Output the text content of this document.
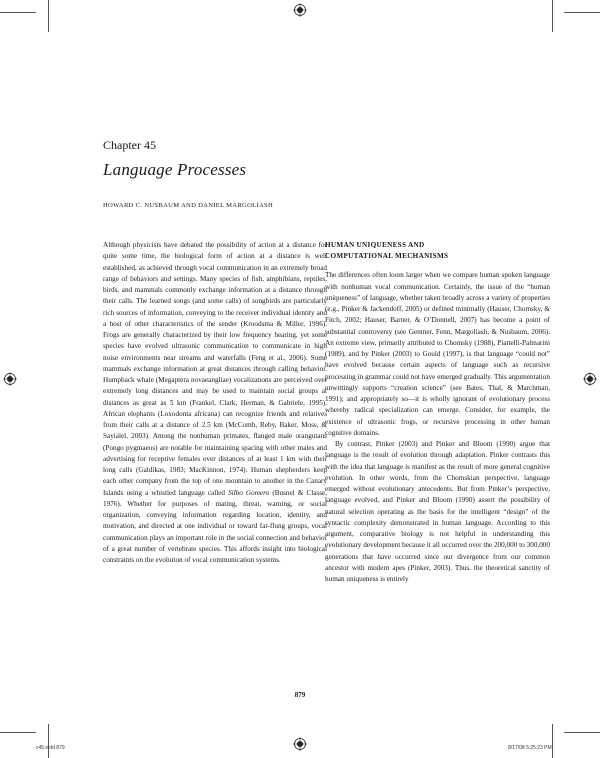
Chapter 45
Language Processes
HOWARD C. NUSBAUM AND DANIEL MARGOLIASH

Although physicists have debated the possibility of action at a distance for quite some time, the biological form of action at a distance is well established, as achieved through vocal communication in an extremely broad range of behaviors and settings. Many species of fish, amphibians, reptiles, birds, and mammals commonly exchange information at a distance through their calls. The learned songs (and some calls) of songbirds are particularly rich sources of information, conveying to the receiver individual identity and a host of other characteristics of the sender (Kroodsma & Miller, 1996). Frogs are generally characterized by their low frequency hearing, yet some species have evolved ultrasonic communication to communicate in high noise environments near streams and waterfalls (Feng et al., 2006). Some mammals exchange information at great distances through calling behavior. Humpback whale (Megaptera novaeangliae) vocalizations are perceived over extremely long distances and may be used to maintain social groups at distances as great as 5 km (Frankel, Clark, Herman, & Gabriele, 1995). African elephants (Loxodonta africana) can recognize friends and relatives from their calls at a distance of 2.5 km (McComb, Reby, Baker, Moss, & Sayialel, 2003). Among the nonhuman primates, flanged male orangutans (Pongo pygmaeus) are notable for maintaining spacing with other males and advertising for receptive females over distances of at least 1 km with their long calls (Galdikas, 1983; MacKinnon, 1974). Human shepherders keep each other company from the top of one mountain to another in the Canary Islands using a whistled language called Silbo Gomero (Busnel & Classe, 1976). Whether for purposes of mating, threat, warning, or social organization, conveying information regarding location, identity, and motivation, and directed at one individual or toward far-flung groups, vocal communication plays an important role in the social connection and behavior of a great number of vertebrate species. This affords insight into biological constraints on the evolution of vocal communication systems.

HUMAN UNIQUENESS AND
COMPUTATIONAL MECHANISMS

The differences often loom larger when we compare human spoken language with nonhuman vocal communication. Certainly, the issue of the “human uniqueness” of language, whether taken broadly across a variety of properties (e.g., Pinker & Jackendoff, 2005) or defined minimally (Hauser, Chomsky, & Fitch, 2002; Hauser, Barner, & O’Donnell, 2007) has become a point of substantial controversy (see Gentner, Fenn, Margoliash, & Nusbaum, 2006). An extreme view, primarily attributed to Chomsky (1988), Piattelli-Palmarini (1989), and by Pinker (2003) to Gould (1997), is that language “could not” have evolved because certain aspects of language such as recursive processing in grammar could not have emerged gradually. This argumentation unwittingly supports “creation science” (see Bates, Thal, & Marchman, 1991); and appropriately so—it is wholly ignorant of evolutionary process whereby radical specialization can emerge. Consider, for example, the existence of ultrasonic frogs, or recursive processing in other human cognitive domains.

By contrast, Pinker (2003) and Pinker and Bloom (1990) argue that language is the result of evolution through adaptation. Pinker contrasts this with the idea that language is manifest as the result of more general cognitive evolution. In other words, from the Chomskian perspective, language emerged without evolutionary antecedents. But from Pinker’s perspective, language evolved, and Pinker and Bloom (1990) assert the possibility of natural selection operating as the basis for the intelligent “design” of the syntactic complexity demonstrated in human language. According to this argument, comparative biology is not helpful in understanding this evolutionary development because it all occurred over the 200,000 to 300,000 generations that have occurred since our divergence from our common ancestor with modern apes (Pinker, 2003). Thus, the theoretical sanctity of human uniqueness is entirely

879
c45.indd 879	8/17/08 5:25:23 PM
